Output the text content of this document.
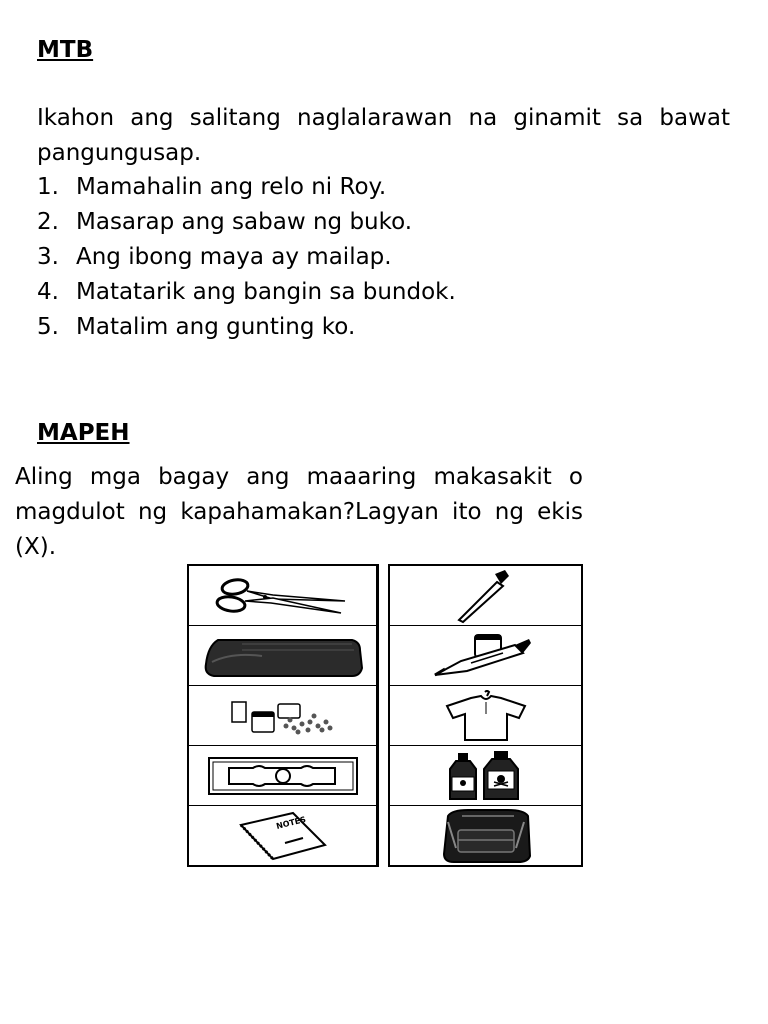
MTB

Ikahon ang salitang naglalarawan na ginamit sa bawat pangungusap.

1. Mamahalin ang relo ni Roy.
2. Masarap ang sabaw ng buko.
3. Ang ibong maya ay mailap.
4. Matatarik ang bangin sa bundok.
5. Matalim ang gunting ko.
MAPEH

Aling mga bagay ang maaaring makasakit o magdulot ng kapahamakan?Lagyan ito ng ekis (X).

NOTES
